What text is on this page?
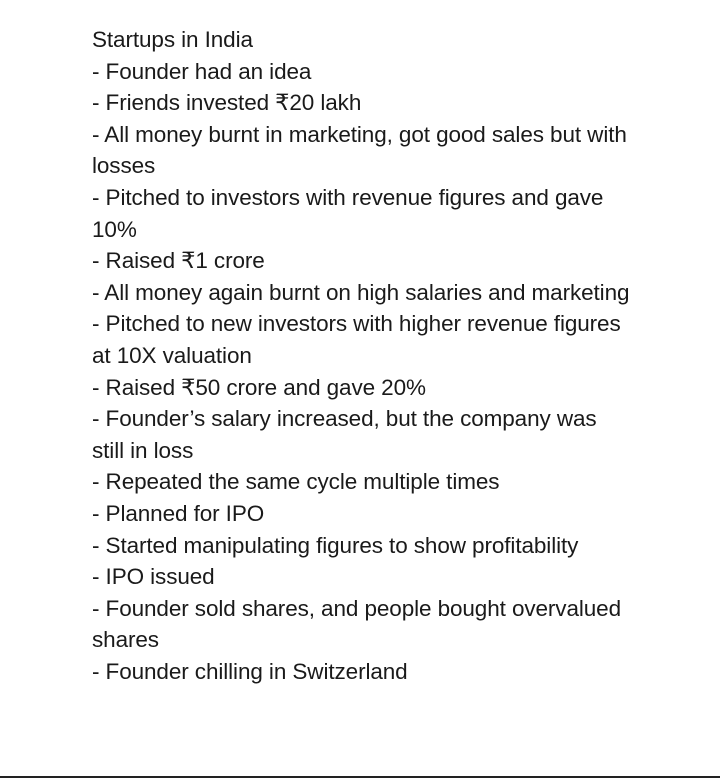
Startups in India
- Founder had an idea
- Friends invested ₹20 lakh
- All money burnt in marketing, got good sales but with losses
- Pitched to investors with revenue figures and gave 10%
- Raised ₹1 crore
- All money again burnt on high salaries and marketing
- Pitched to new investors with higher revenue figures at 10X valuation
- Raised ₹50 crore and gave 20%
- Founder’s salary increased, but the company was still in loss
- Repeated the same cycle multiple times
- Planned for IPO
- Started manipulating figures to show profitability
- IPO issued
- Founder sold shares, and people bought overvalued shares
- Founder chilling in Switzerland
